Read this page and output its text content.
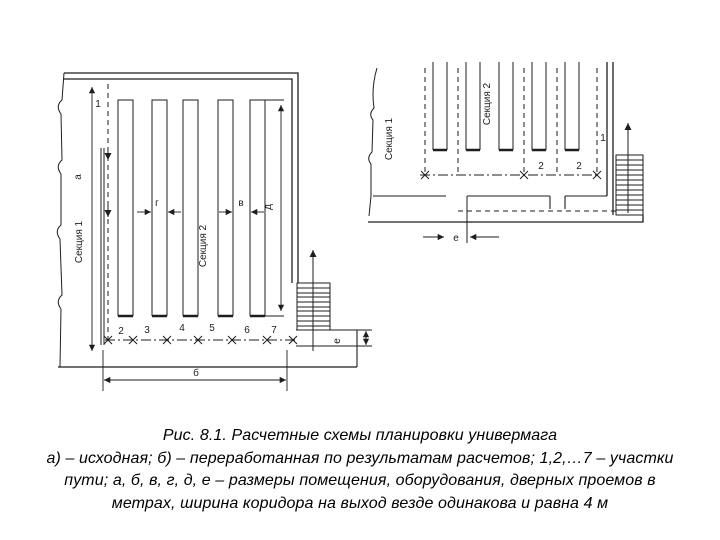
Секция 1	Секция 2
а
д
г	в
б
е
1
2 3	4 5	6 7
Секция 1
Секция 2
1
2	2
е
Рис. 8.1. Расчетные схемы планировки универмага
а) – исходная; б) – переработанная по результатам расчетов; 1,2,…7 – участки
пути; а, б, в, г, д, е – размеры помещения, оборудования, дверных проемов в
метрах, ширина коридора на выход везде одинакова и равна 4 м
